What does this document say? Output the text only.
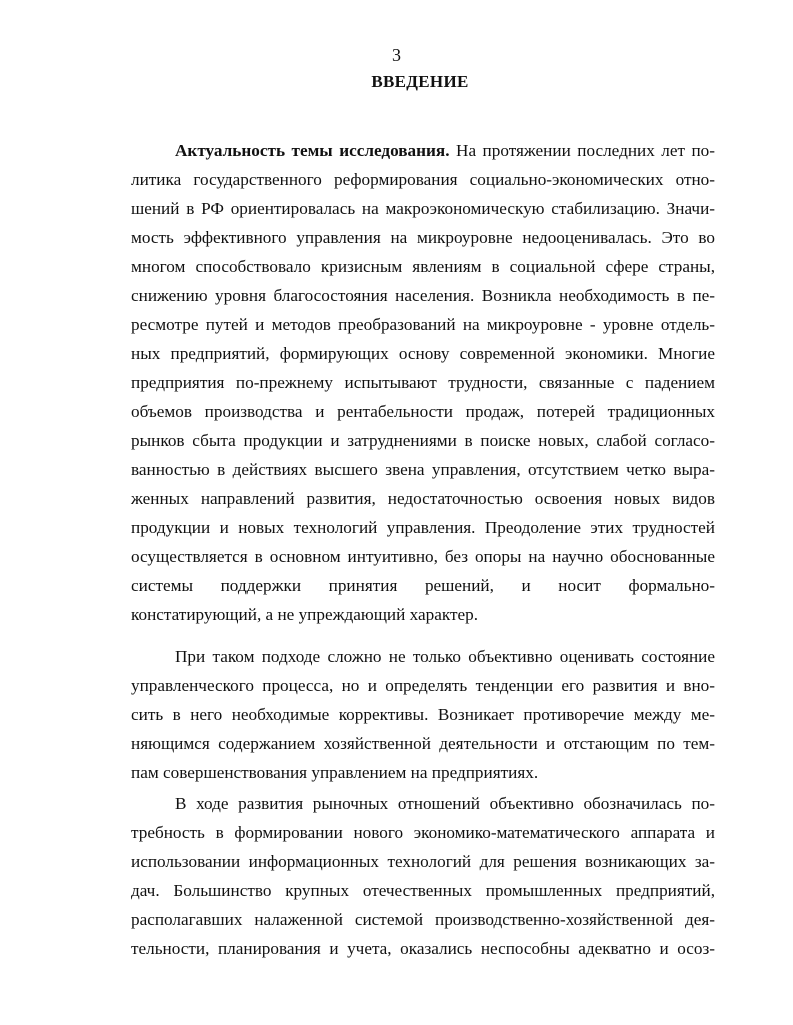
3
ВВЕДЕНИЕ
Актуальность темы исследования. На протяжении последних лет по-
литика государственного реформирования социально-экономических отно-
шений в РФ ориентировалась на макроэкономическую стабилизацию. Значи-
мость эффективного управления на микроуровне недооценивалась. Это во
многом способствовало кризисным явлениям в социальной сфере страны,
снижению уровня благосостояния населения. Возникла необходимость в пе-
ресмотре путей и методов преобразований на микроуровне - уровне отдель-
ных предприятий, формирующих основу современной экономики. Многие
предприятия по-прежнему испытывают трудности, связанные с падением
объемов производства и рентабельности продаж, потерей традиционных
рынков сбыта продукции и затруднениями в поиске новых, слабой согласо-
ванностью в действиях высшего звена управления, отсутствием четко выра-
женных направлений развития, недостаточностью освоения новых видов
продукции и новых технологий управления. Преодоление этих трудностей
осуществляется в основном интуитивно, без опоры на научно обоснованные
системы поддержки принятия решений, и носит формально-
констатирующий, а не упреждающий характер.
При таком подходе сложно не только объективно оценивать состояние
управленческого процесса, но и определять тенденции его развития и вно-
сить в него необходимые коррективы. Возникает противоречие между ме-
няющимся содержанием хозяйственной деятельности и отстающим по тем-
пам совершенствования управлением на предприятиях.
В ходе развития рыночных отношений объективно обозначилась по-
требность в формировании нового экономико-математического аппарата и
использовании информационных технологий для решения возникающих за-
дач. Большинство крупных отечественных промышленных предприятий,
располагавших налаженной системой производственно-хозяйственной дея-
тельности, планирования и учета, оказались неспособны адекватно и осоз-
